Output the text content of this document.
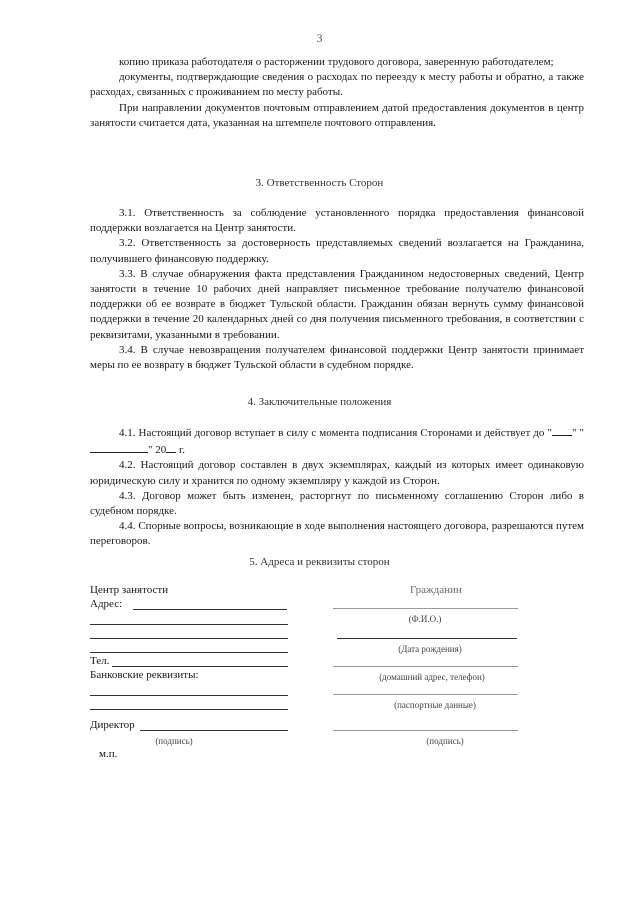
3

копию приказа работодателя о расторжении трудового договора, заверенную работодателем;

документы, подтверждающие сведения о расходах по переезду к месту работы и обратно, а также расходах, связанных с проживанием по месту работы.

При направлении документов почтовым отправлением датой предоставления документов в центр занятости считается дата, указанная на штемпеле почтового отправления.

3. Ответственность Сторон

3.1. Ответственность за соблюдение установленного порядка предоставления финансовой поддержки возлагается на Центр занятости.

3.2. Ответственность за достоверность представляемых сведений возлагается на Гражданина, получившего финансовую поддержку.

3.3. В случае обнаружения факта представления Гражданином недостоверных сведений, Центр занятости в течение 10 рабочих дней направляет письменное требование получателю финансовой поддержки об ее возврате в бюджет Тульской области. Гражданин обязан вернуть сумму финансовой поддержки в течение 20 календарных дней со дня получения письменного требования, в соответствии с реквизитами, указанными в требовании.

3.4. В случае невозвращения получателем финансовой поддержки Центр занятости принимает меры по ее возврату в бюджет Тульской области в судебном порядке.

4. Заключительные положения

4.1. Настоящий договор вступает в силу с момента подписания Сторонами и действует до " " "" 20 г.

4.2. Настоящий договор составлен в двух экземплярах, каждый из которых имеет одинаковую юридическую силу и хранится по одному экземпляру у каждой из Сторон.

4.3. Договор может быть изменен, расторгнут по письменному соглашению Сторон либо в судебном порядке.

4.4. Спорные вопросы, возникающие в ходе выполнения настоящего договора, разрешаются путем переговоров.

5. Адреса и реквизиты сторон
Центр занятости
Адрес:
Тел.
Банковские реквизиты:
Директор
(подпись)
м.п.
Гражданин
(Ф.И.О.)
(Дата рождения)
(домашний адрес, телефон)
(паспортные данные)
(подпись)
